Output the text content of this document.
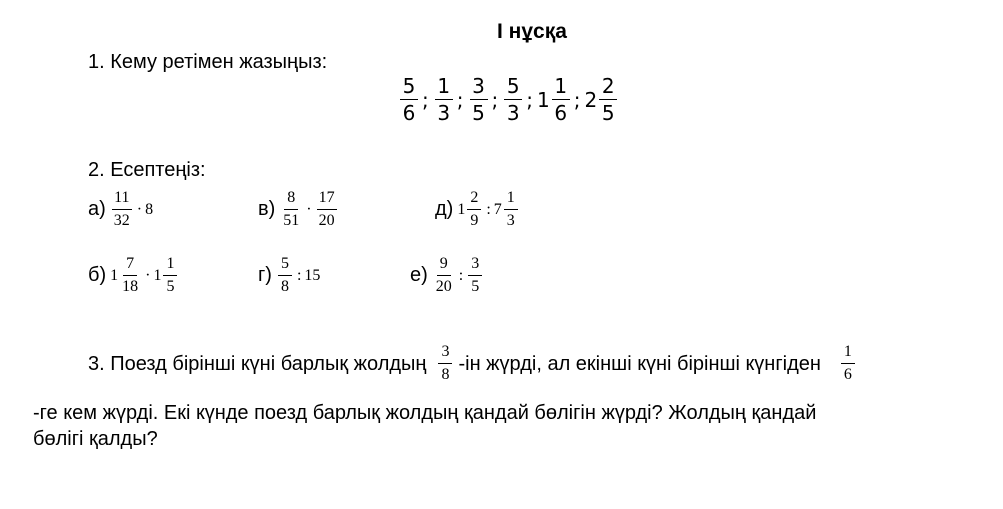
І нұсқа
1. Кему ретімен жазыңыз:
$\frac{5}{6}$ ; $\frac{1}{3}$ ; $\frac{3}{5}$ ; $\frac{5}{3}$ ; $1 \frac{1}{6}$ ; $2 \frac{2}{5}$
2. Есептеңіз:
$а) \frac{11}{32} \cdot 8$	$в) \frac{8}{51} \cdot \frac{17}{20}$	д) $1 \frac{2}{9}$ : $7 \frac{1}{3}$
б) $1 \frac{7}{18} \cdot 1 \frac{1}{5}$	$г) \frac{5}{8}$ : 15	$е) \frac{9}{20}$ : $\frac{3}{5}$
3. Поезд бірінші күні барлық жолдың $\frac{3}{8} -ін$ жүрді, ал екінші күні бірінші күнгіден $\frac{1}{6}$
-ге кем жүрді. Екі күнде поезд барлық жолдың қандай бөлігін жүрді? Жолдың қандай
бөлігі қалды?
